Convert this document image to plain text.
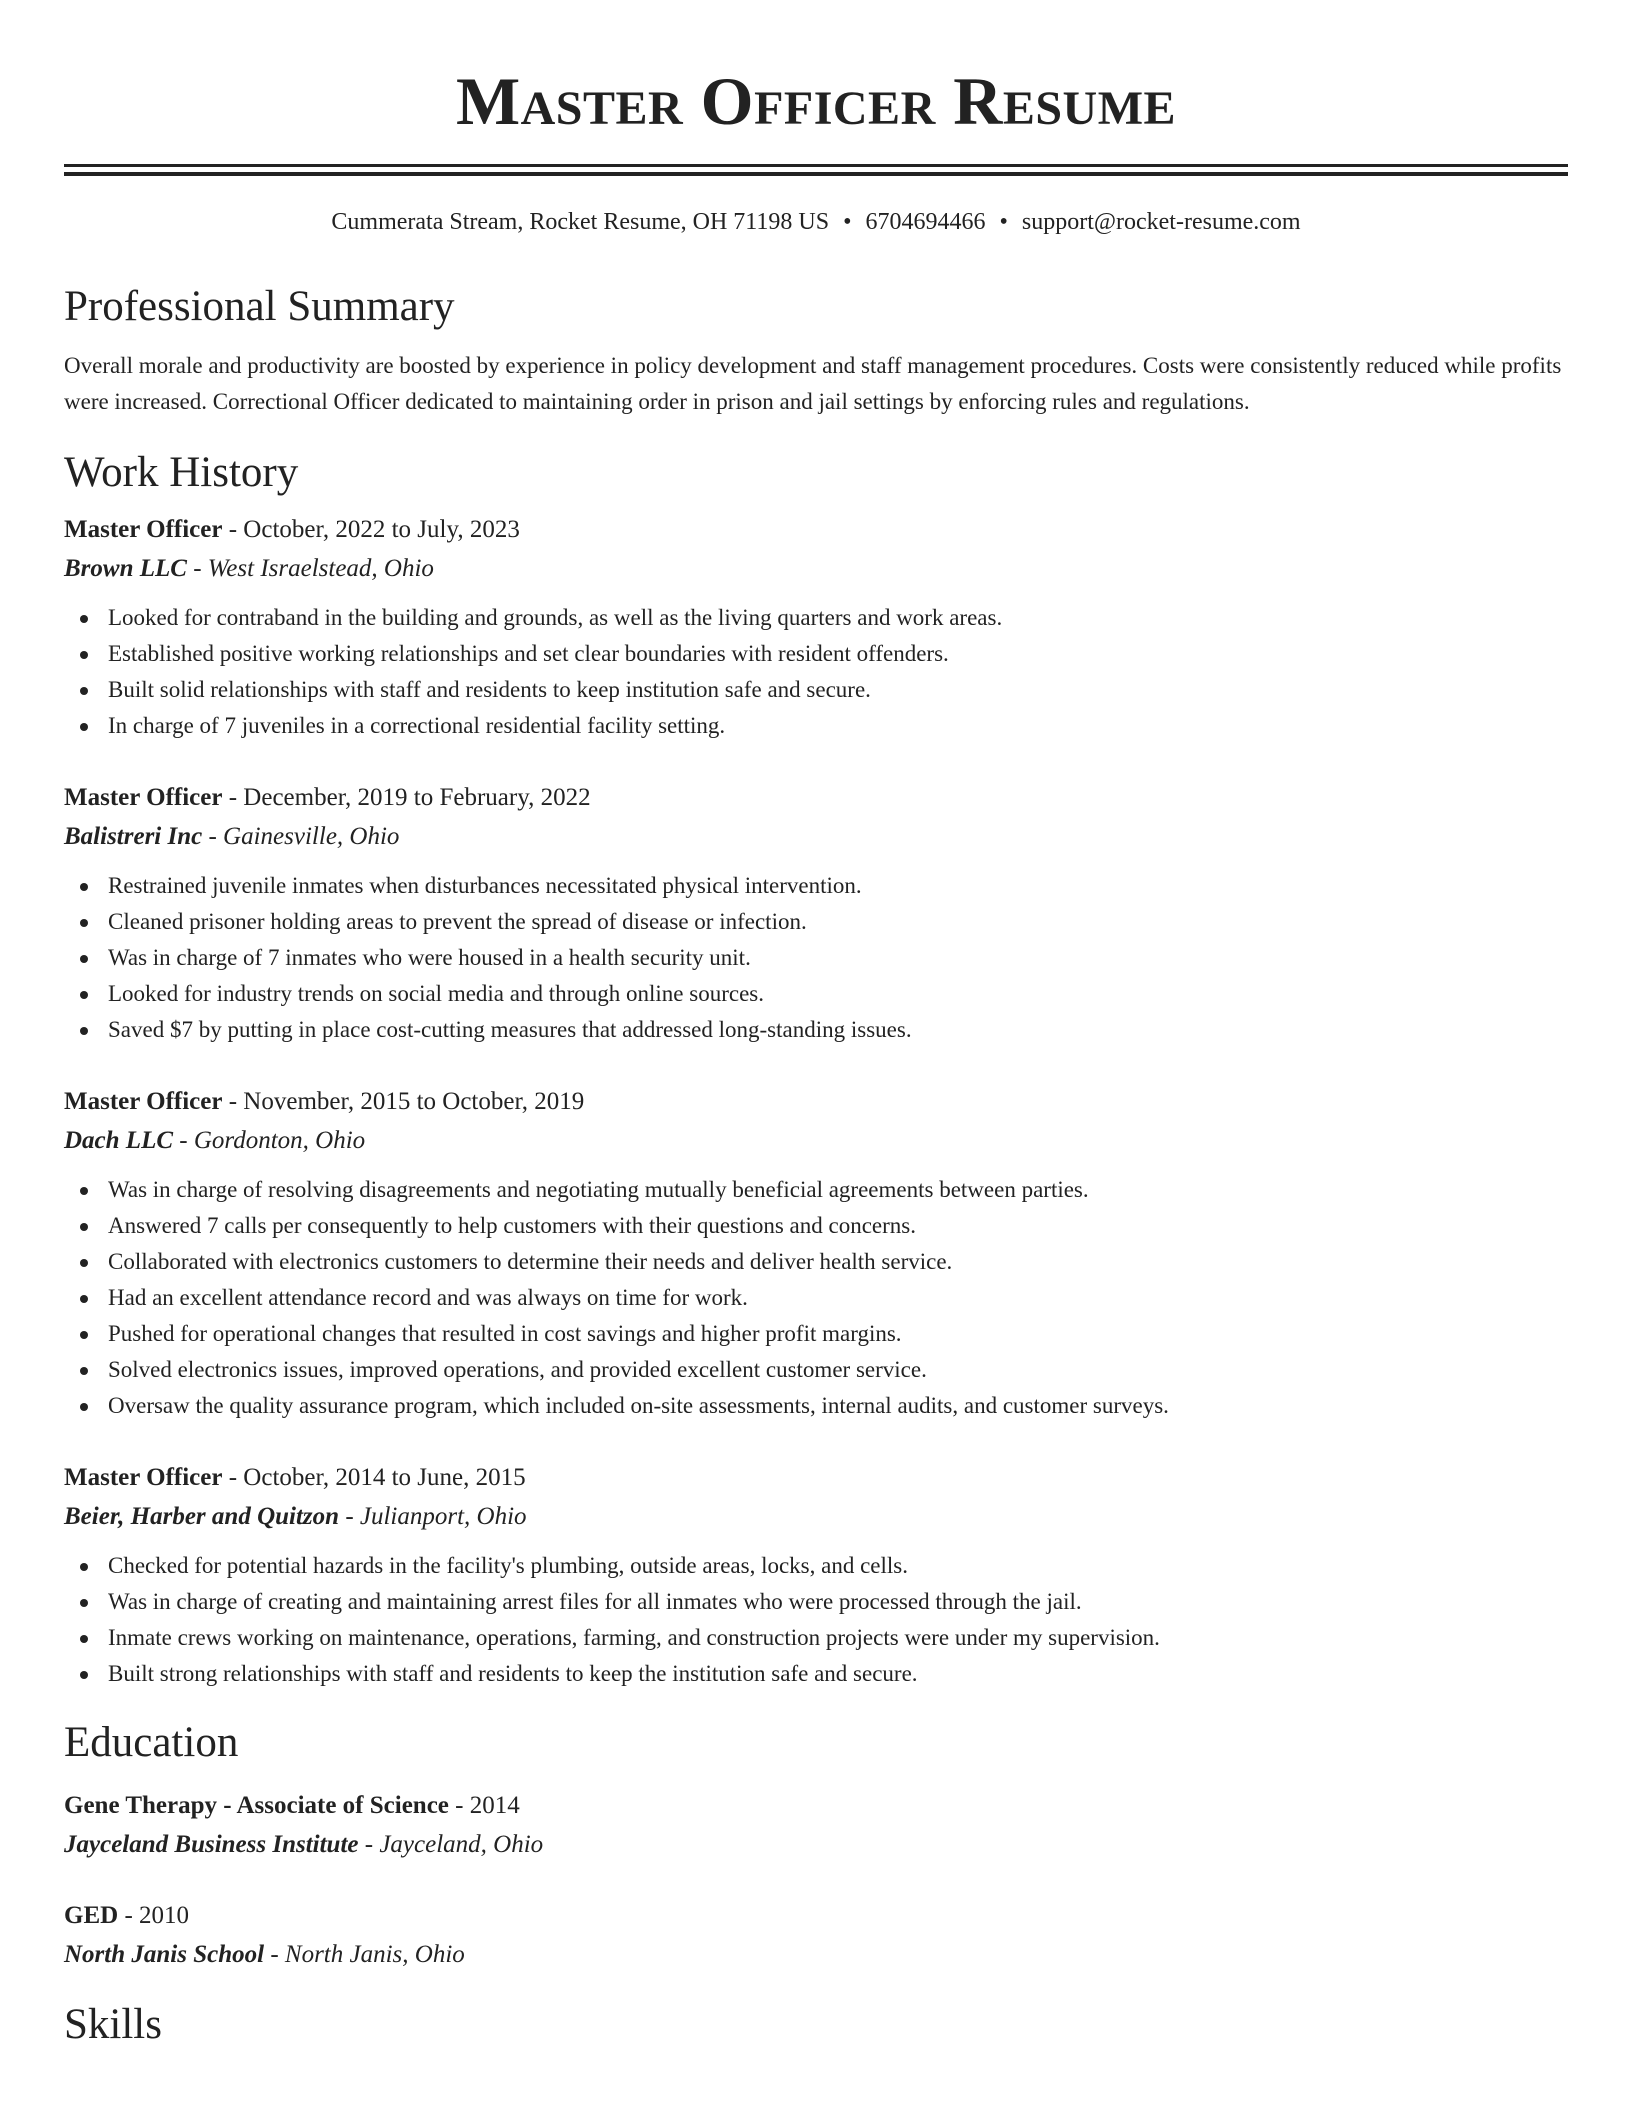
Master Officer Resume
Cummerata Stream, Rocket Resume, OH 71198 US • 6704694466 • support@rocket-resume.com
Professional Summary

Overall morale and productivity are boosted by experience in policy development and staff management procedures. Costs were consistently reduced while profits were increased. Correctional Officer dedicated to maintaining order in prison and jail settings by enforcing rules and regulations.

Work History
Master Officer - October, 2022 to July, 2023
Brown LLC - West Israelstead, Ohio
Looked for contraband in the building and grounds, as well as the living quarters and work areas.
Established positive working relationships and set clear boundaries with resident offenders.
Built solid relationships with staff and residents to keep institution safe and secure.
In charge of 7 juveniles in a correctional residential facility setting.
Master Officer - December, 2019 to February, 2022
Balistreri Inc - Gainesville, Ohio
Restrained juvenile inmates when disturbances necessitated physical intervention.
Cleaned prisoner holding areas to prevent the spread of disease or infection.
Was in charge of 7 inmates who were housed in a health security unit.
Looked for industry trends on social media and through online sources.
Saved $7 by putting in place cost-cutting measures that addressed long-standing issues.
Master Officer - November, 2015 to October, 2019
Dach LLC - Gordonton, Ohio
Was in charge of resolving disagreements and negotiating mutually beneficial agreements between parties.
Answered 7 calls per consequently to help customers with their questions and concerns.
Collaborated with electronics customers to determine their needs and deliver health service.
Had an excellent attendance record and was always on time for work.
Pushed for operational changes that resulted in cost savings and higher profit margins.
Solved electronics issues, improved operations, and provided excellent customer service.
Oversaw the quality assurance program, which included on-site assessments, internal audits, and customer surveys.
Master Officer - October, 2014 to June, 2015
Beier, Harber and Quitzon - Julianport, Ohio
Checked for potential hazards in the facility's plumbing, outside areas, locks, and cells.
Was in charge of creating and maintaining arrest files for all inmates who were processed through the jail.
Inmate crews working on maintenance, operations, farming, and construction projects were under my supervision.
Built strong relationships with staff and residents to keep the institution safe and secure.
Education
Gene Therapy - Associate of Science - 2014
Jayceland Business Institute - Jayceland, Ohio
GED - 2010
North Janis School - North Janis, Ohio
Skills
